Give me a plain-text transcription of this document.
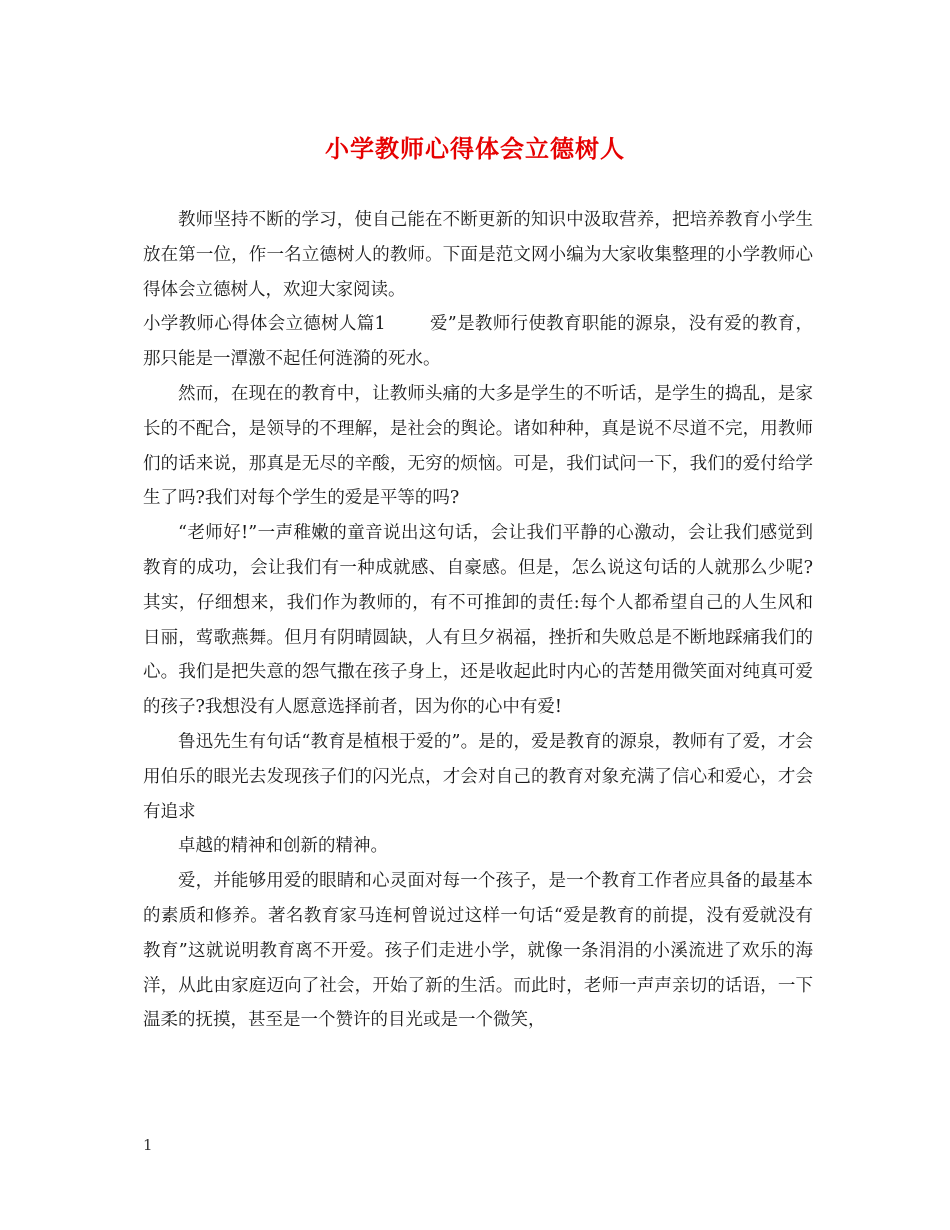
小学教师心得体会立德树人

教师坚持不断的学习，使自己能在不断更新的知识中汲取营养，把培养教育小学生放在第一位，作一名立德树人的教师。下面是范文网小编为大家收集整理的小学教师心得体会立德树人，欢迎大家阅读。

小学教师心得体会立德树人篇1	爱”是教师行使教育职能的源泉，没有爱的教育，那只能是一潭激不起任何涟漪的死水。

然而，在现在的教育中，让教师头痛的大多是学生的不听话，是学生的捣乱，是家长的不配合，是领导的不理解，是社会的舆论。诸如种种，真是说不尽道不完，用教师们的话来说，那真是无尽的辛酸，无穷的烦恼。可是，我们试问一下，我们的爱付给学生了吗?我们对每个学生的爱是平等的吗?

“老师好!”一声稚嫩的童音说出这句话，会让我们平静的心激动，会让我们感觉到教育的成功，会让我们有一种成就感、自豪感。但是，怎么说这句话的人就那么少呢?其实，仔细想来，我们作为教师的，有不可推卸的责任:每个人都希望自己的人生风和日丽，莺歌燕舞。但月有阴晴圆缺，人有旦夕祸福，挫折和失败总是不断地踩痛我们的心。我们是把失意的怨气撒在孩子身上，还是收起此时内心的苦楚用微笑面对纯真可爱的孩子?我想没有人愿意选择前者，因为你的心中有爱!

鲁迅先生有句话“教育是植根于爱的”。是的，爱是教育的源泉，教师有了爱，才会用伯乐的眼光去发现孩子们的闪光点，才会对自己的教育对象充满了信心和爱心，才会有追求

卓越的精神和创新的精神。

爱，并能够用爱的眼睛和心灵面对每一个孩子，是一个教育工作者应具备的最基本的素质和修养。著名教育家马连柯曾说过这样一句话“爱是教育的前提，没有爱就没有教育”这就说明教育离不开爱。孩子们走进小学，就像一条涓涓的小溪流进了欢乐的海洋，从此由家庭迈向了社会，开始了新的生活。而此时，老师一声声亲切的话语，一下温柔的抚摸，甚至是一个赞许的目光或是一个微笑，

1
